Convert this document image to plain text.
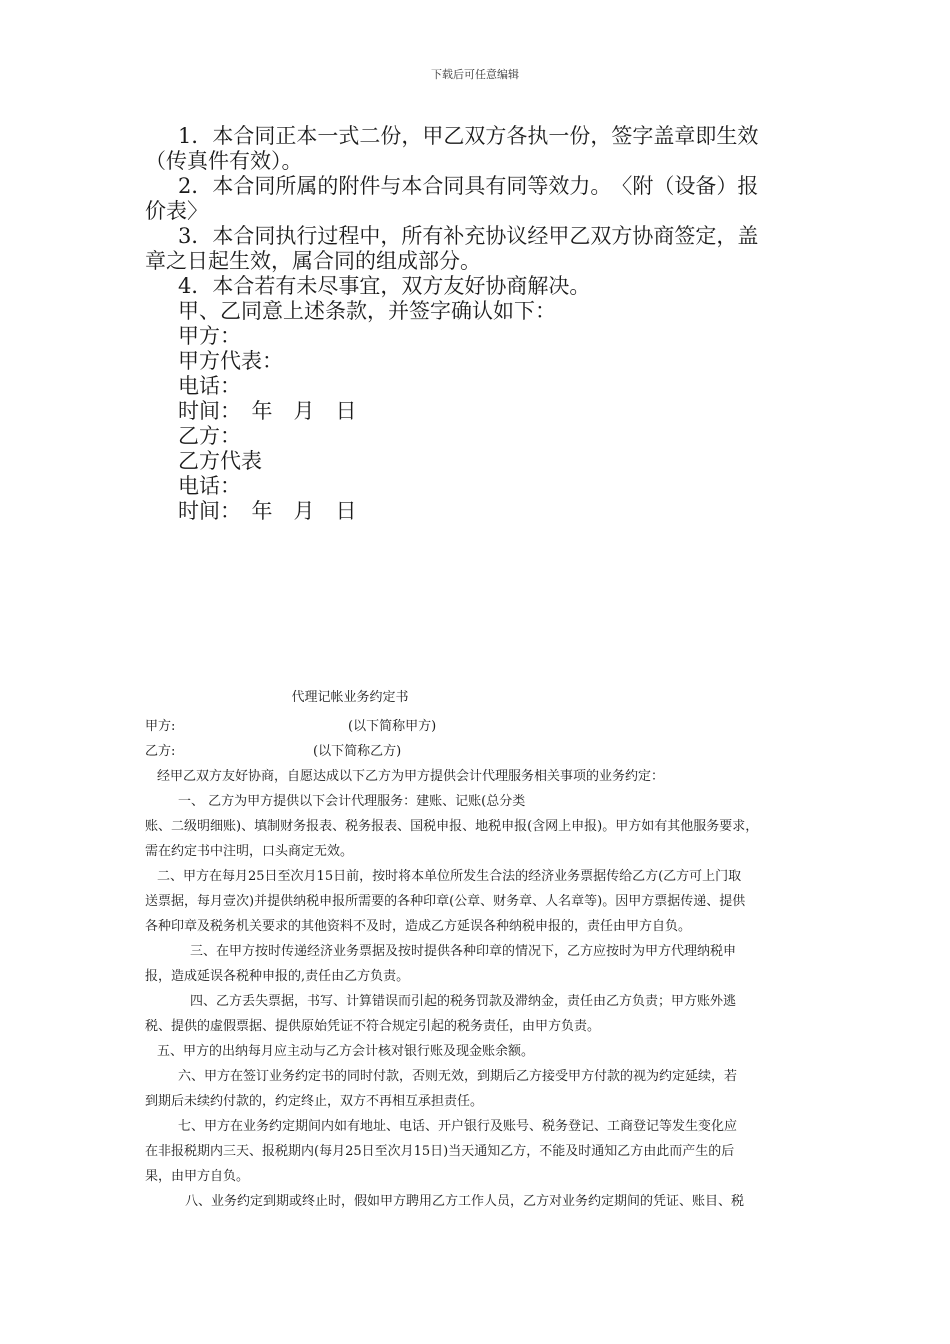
下载后可任意编辑

1．本合同正本一式二份，甲乙双方各执一份，签字盖章即生效

（传真件有效）。

2．本合同所属的附件与本合同具有同等效力。　〈附（设备）报

价表〉

3．本合同执行过程中，所有补充协议经甲乙双方协商签定，盖

章之日起生效，属合同的组成部分。

4．本合若有未尽事宜，双方友好协商解决。

甲、乙同意上述条款，并签字确认如下：

甲方：

甲方代表：

电话：

时间：　年　月　日

乙方：

乙方代表

电话：

时间：　年　月　日

代理记帐业务约定书
甲方:	(以下简称甲方)
乙方:	(以下简称乙方)

经甲乙双方友好协商，自愿达成以下乙方为甲方提供会计代理服务相关事项的业务约定：

一、 乙方为甲方提供以下会计代理服务：建账、记账(总分类

账、二级明细账)、填制财务报表、税务报表、国税申报、地税申报(含网上申报)。甲方如有其他服务要求，

需在约定书中注明，口头商定无效。

二、甲方在每月25日至次月15日前，按时将本单位所发生合法的经济业务票据传给乙方(乙方可上门取

送票据，每月壹次)并提供纳税申报所需要的各种印章(公章、财务章、人名章等)。因甲方票据传递、提供

各种印章及税务机关要求的其他资料不及时，造成乙方延误各种纳税申报的，责任由甲方自负。

三、在甲方按时传递经济业务票据及按时提供各种印章的情况下，乙方应按时为甲方代理纳税申

报，造成延误各税种申报的,责任由乙方负责。

四、乙方丢失票据，书写、计算错误而引起的税务罚款及滞纳金，责任由乙方负责；甲方账外逃

税、提供的虚假票据、提供原始凭证不符合规定引起的税务责任，由甲方负责。

五、甲方的出纳每月应主动与乙方会计核对银行账及现金账余额。

六、甲方在签订业务约定书的同时付款，否则无效，到期后乙方接受甲方付款的视为约定延续，若

到期后未续约付款的，约定终止，双方不再相互承担责任。

七、甲方在业务约定期间内如有地址、电话、开户银行及账号、税务登记、工商登记等发生变化应

在非报税期内三天、报税期内(每月25日至次月15日)当天通知乙方，不能及时通知乙方由此而产生的后

果，由甲方自负。

八、业务约定到期或终止时，假如甲方聘用乙方工作人员，乙方对业务约定期间的凭证、账目、税
